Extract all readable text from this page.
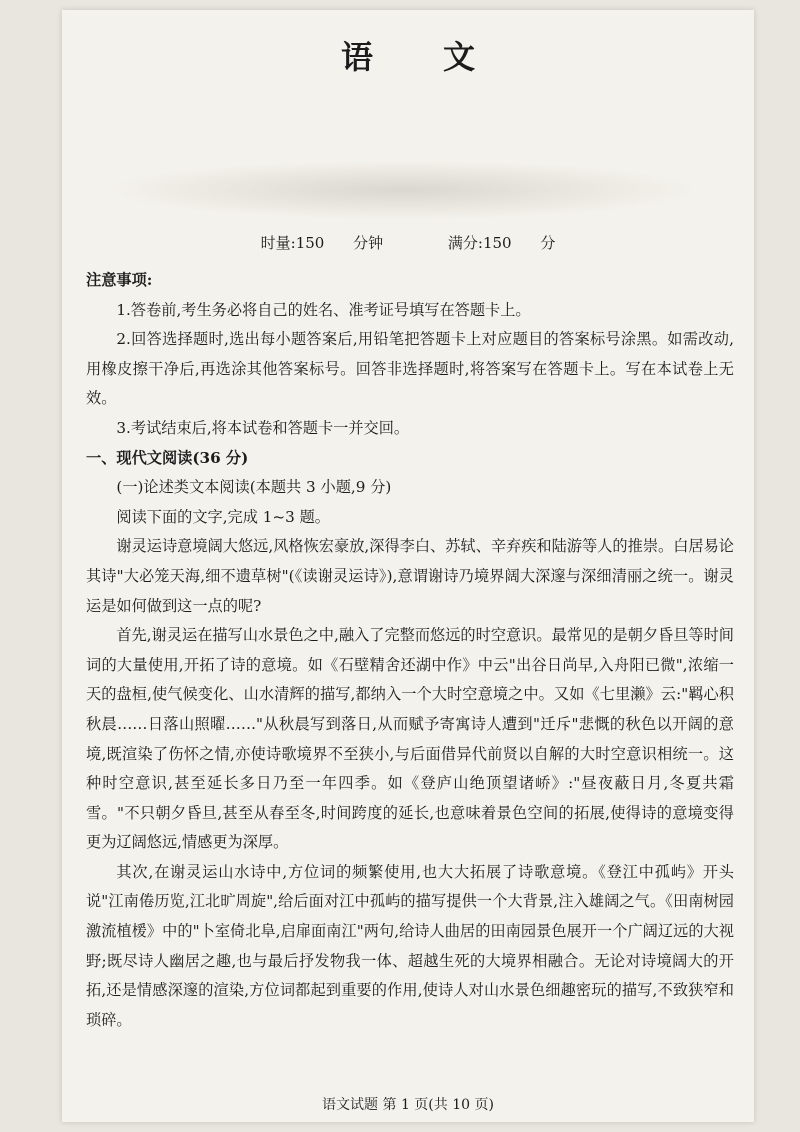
语文
时量:150 分钟	满分:150 分

注意事项:

1.答卷前,考生务必将自己的姓名、准考证号填写在答题卡上。

2.回答选择题时,选出每小题答案后,用铅笔把答题卡上对应题目的答案标号涂黑。如需改动,用橡皮擦干净后,再选涂其他答案标号。回答非选择题时,将答案写在答题卡上。写在本试卷上无效。

3.考试结束后,将本试卷和答题卡一并交回。

一、现代文阅读(36 分)

(一)论述类文本阅读(本题共 3 小题,9 分)

阅读下面的文字,完成 1~3 题。

谢灵运诗意境阔大悠远,风格恢宏豪放,深得李白、苏轼、辛弃疾和陆游等人的推崇。白居易论其诗"大必笼天海,细不遗草树"(《读谢灵运诗》),意谓谢诗乃境界阔大深邃与深细清丽之统一。谢灵运是如何做到这一点的呢?

首先,谢灵运在描写山水景色之中,融入了完整而悠远的时空意识。最常见的是朝夕昏旦等时间词的大量使用,开拓了诗的意境。如《石壁精舍还湖中作》中云"出谷日尚早,入舟阳已微",浓缩一天的盘桓,使气候变化、山水清辉的描写,都纳入一个大时空意境之中。又如《七里濑》云:"羁心积秋晨……日落山照曜……"从秋晨写到落日,从而赋予寄寓诗人遭到"迁斥"悲慨的秋色以开阔的意境,既渲染了伤怀之情,亦使诗歌境界不至狭小,与后面借异代前贤以自解的大时空意识相统一。这种时空意识,甚至延长多日乃至一年四季。如《登庐山绝顶望诸峤》:"昼夜蔽日月,冬夏共霜雪。"不只朝夕昏旦,甚至从春至冬,时间跨度的延长,也意味着景色空间的拓展,使得诗的意境变得更为辽阔悠远,情感更为深厚。

其次,在谢灵运山水诗中,方位词的频繁使用,也大大拓展了诗歌意境。《登江中孤屿》开头说"江南倦历览,江北旷周旋",给后面对江中孤屿的描写提供一个大背景,注入雄阔之气。《田南树园激流植楥》中的"卜室倚北阜,启扉面南江"两句,给诗人曲居的田南园景色展开一个广阔辽远的大视野;既尽诗人幽居之趣,也与最后抒发物我一体、超越生死的大境界相融合。无论对诗境阔大的开拓,还是情感深邃的渲染,方位词都起到重要的作用,使诗人对山水景色细趣密玩的描写,不致狭窄和琐碎。

语文试题 第 1 页(共 10 页)
